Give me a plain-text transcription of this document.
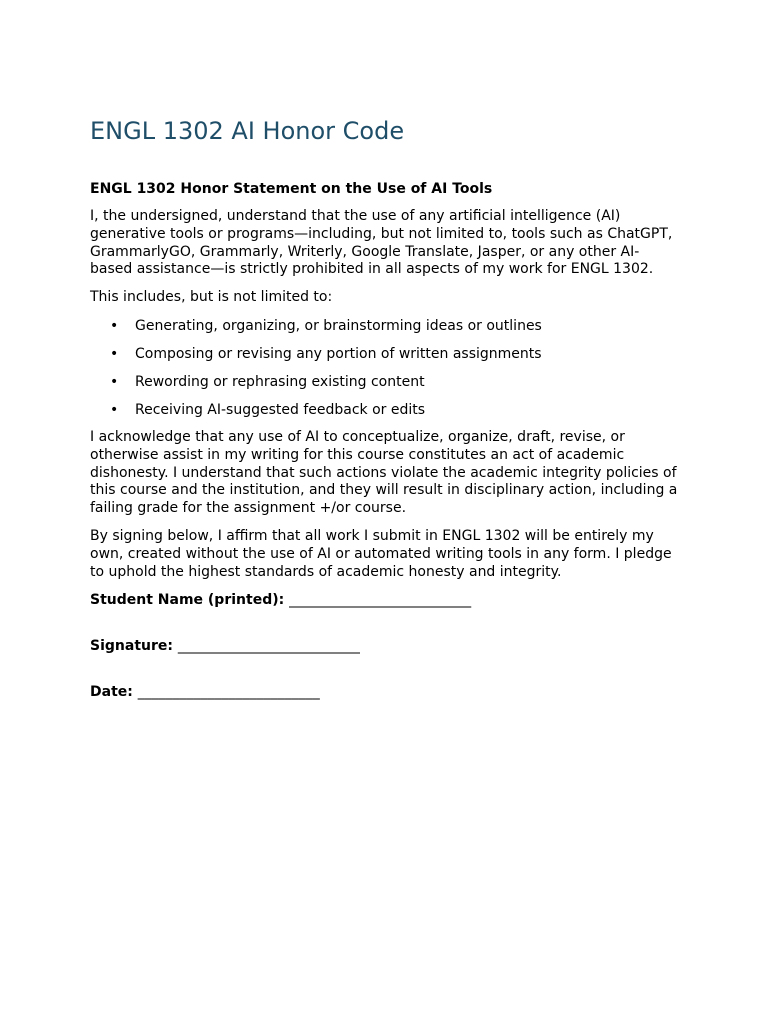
ENGL 1302 AI Honor Code
ENGL 1302 Honor Statement on the Use of AI Tools

I, the undersigned, understand that the use of any artificial intelligence (AI) generative tools or programs—including, but not limited to, tools such as ChatGPT, GrammarlyGO, Grammarly, Writerly, Google Translate, Jasper, or any other AI-based assistance—is strictly prohibited in all aspects of my work for ENGL 1302.

This includes, but is not limited to:

• Generating, organizing, or brainstorming ideas or outlines
• Composing or revising any portion of written assignments
• Rewording or rephrasing existing content
• Receiving AI-suggested feedback or edits

I acknowledge that any use of AI to conceptualize, organize, draft, revise, or otherwise assist in my writing for this course constitutes an act of academic dishonesty. I understand that such actions violate the academic integrity policies of this course and the institution, and they will result in disciplinary action, including a failing grade for the assignment +/or course.

By signing below, I affirm that all work I submit in ENGL 1302 will be entirely my own, created without the use of AI or automated writing tools in any form. I pledge to uphold the highest standards of academic honesty and integrity.

Student Name (printed): __________________________
Signature: __________________________
Date: __________________________
